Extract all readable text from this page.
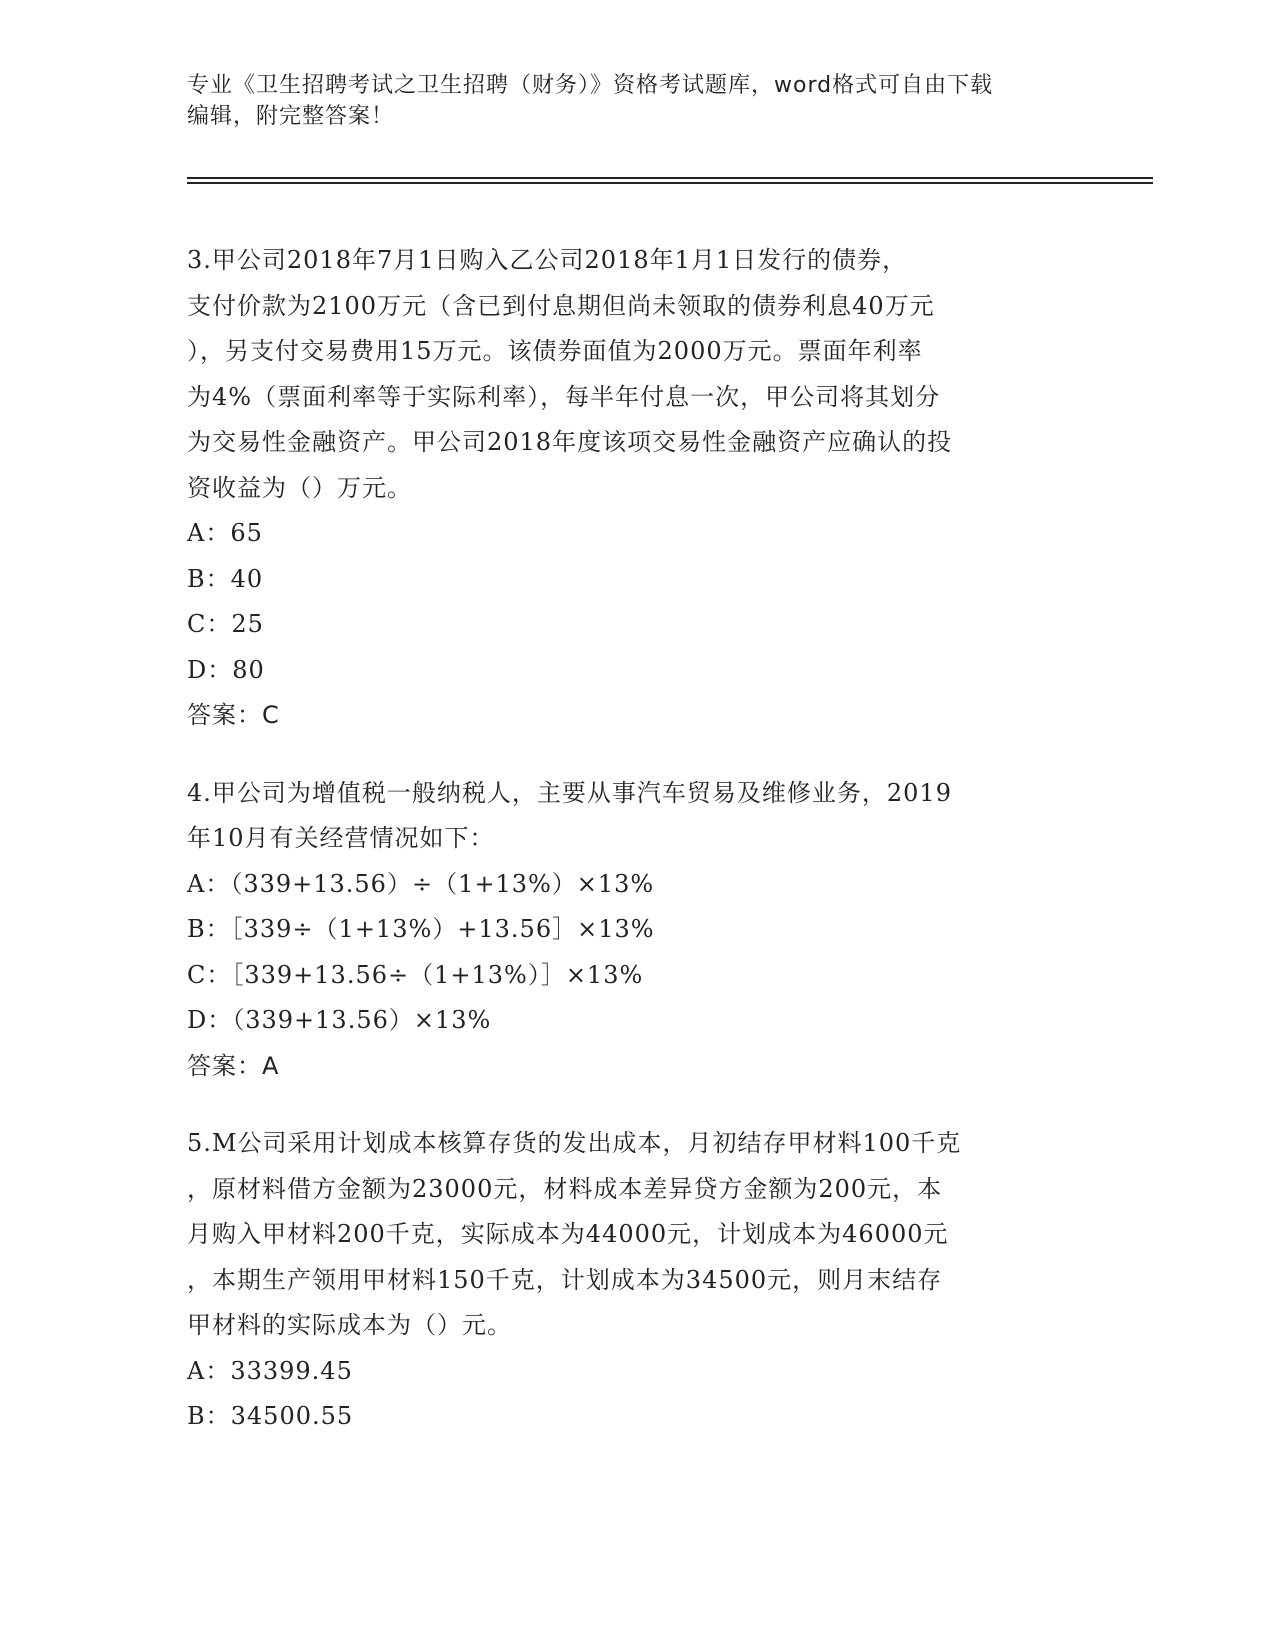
专业《卫生招聘考试之卫生招聘（财务）》资格考试题库，word格式可自由下载
编辑，附完整答案！
3.甲公司2018年7月1日购入乙公司2018年1月1日发行的债券，
支付价款为2100万元（含已到付息期但尚未领取的债券利息40万元
），另支付交易费用15万元。该债券面值为2000万元。票面年利率
为4%（票面利率等于实际利率），每半年付息一次，甲公司将其划分
为交易性金融资产。甲公司2018年度该项交易性金融资产应确认的投
资收益为（）万元。
A：65
B：40
C：25
D：80
答案：C
4.甲公司为增值税一般纳税人，主要从事汽车贸易及维修业务，2019
年10月有关经营情况如下：
A：（339+13.56）÷（1+13%）×13%
B：［339÷（1+13%）+13.56］×13%
C：［339+13.56÷（1+13%）］×13%
D：（339+13.56）×13%
答案：A
5.M公司采用计划成本核算存货的发出成本，月初结存甲材料100千克
，原材料借方金额为23000元，材料成本差异贷方金额为200元，本
月购入甲材料200千克，实际成本为44000元，计划成本为46000元
，本期生产领用甲材料150千克，计划成本为34500元，则月末结存
甲材料的实际成本为（）元。
A：33399.45
B：34500.55
